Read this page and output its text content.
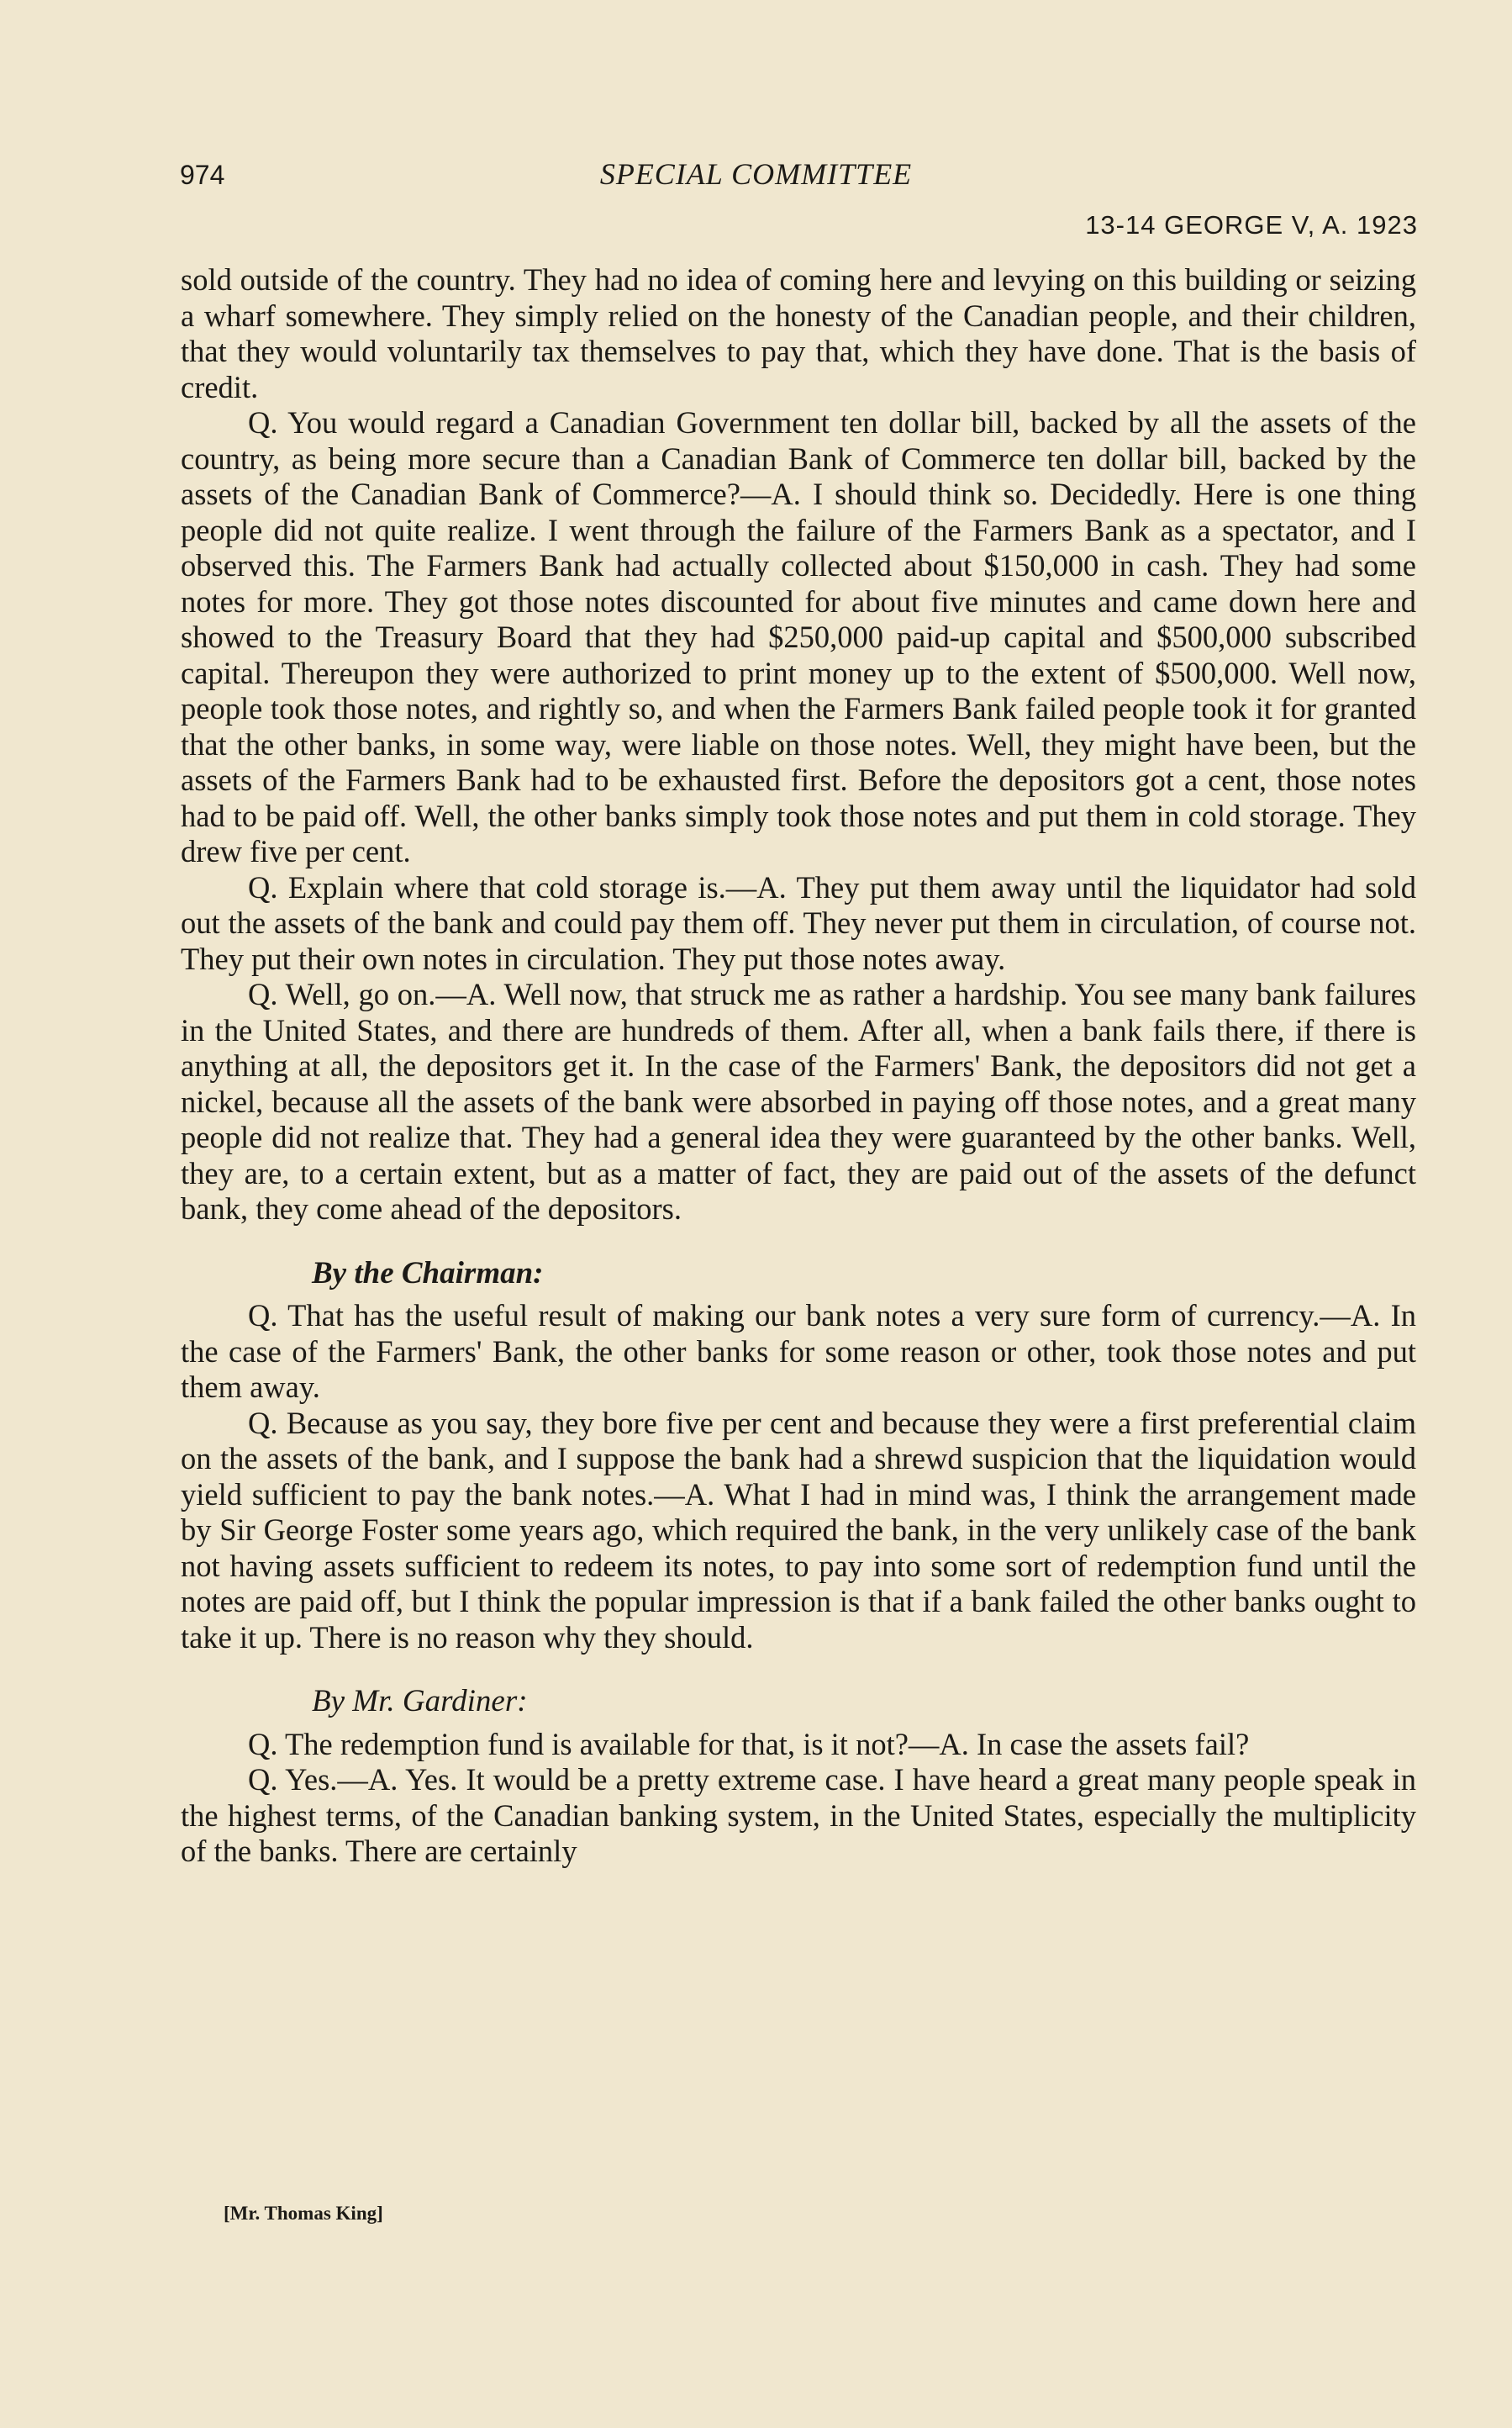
974	SPECIAL COMMITTEE
13-14 GEORGE V, A. 1923

sold outside of the country. They had no idea of coming here and levying on this building or seizing a wharf somewhere. They simply relied on the honesty of the Canadian people, and their children, that they would voluntarily tax themselves to pay that, which they have done. That is the basis of credit.

Q. You would regard a Canadian Government ten dollar bill, backed by all the assets of the country, as being more secure than a Canadian Bank of Commerce ten dollar bill, backed by the assets of the Canadian Bank of Commerce?—A. I should think so. Decidedly. Here is one thing people did not quite realize. I went through the failure of the Farmers Bank as a spectator, and I observed this. The Farmers Bank had actually collected about $150,000 in cash. They had some notes for more. They got those notes discounted for about five minutes and came down here and showed to the Treasury Board that they had $250,000 paid-up capital and $500,000 subscribed capital. Thereupon they were authorized to print money up to the extent of $500,000. Well now, people took those notes, and rightly so, and when the Farmers Bank failed people took it for granted that the other banks, in some way, were liable on those notes. Well, they might have been, but the assets of the Farmers Bank had to be exhausted first. Before the depositors got a cent, those notes had to be paid off. Well, the other banks simply took those notes and put them in cold storage. They drew five per cent.

Q. Explain where that cold storage is.—A. They put them away until the liquidator had sold out the assets of the bank and could pay them off. They never put them in circulation, of course not. They put their own notes in circulation. They put those notes away.

Q. Well, go on.—A. Well now, that struck me as rather a hardship. You see many bank failures in the United States, and there are hundreds of them. After all, when a bank fails there, if there is anything at all, the depositors get it. In the case of the Farmers' Bank, the depositors did not get a nickel, because all the assets of the bank were absorbed in paying off those notes, and a great many people did not realize that. They had a general idea they were guaranteed by the other banks. Well, they are, to a certain extent, but as a matter of fact, they are paid out of the assets of the defunct bank, they come ahead of the depositors.

By the Chairman:

Q. That has the useful result of making our bank notes a very sure form of currency.—A. In the case of the Farmers' Bank, the other banks for some reason or other, took those notes and put them away.

Q. Because as you say, they bore five per cent and because they were a first preferential claim on the assets of the bank, and I suppose the bank had a shrewd suspicion that the liquidation would yield sufficient to pay the bank notes.—A. What I had in mind was, I think the arrangement made by Sir George Foster some years ago, which required the bank, in the very unlikely case of the bank not having assets sufficient to redeem its notes, to pay into some sort of redemption fund until the notes are paid off, but I think the popular impression is that if a bank failed the other banks ought to take it up. There is no reason why they should.

By Mr. Gardiner:

Q. The redemption fund is available for that, is it not?—A. In case the assets fail?

Q. Yes.—A. Yes. It would be a pretty extreme case. I have heard a great many people speak in the highest terms, of the Canadian banking system, in the United States, especially the multiplicity of the banks. There are certainly

[Mr. Thomas King]
